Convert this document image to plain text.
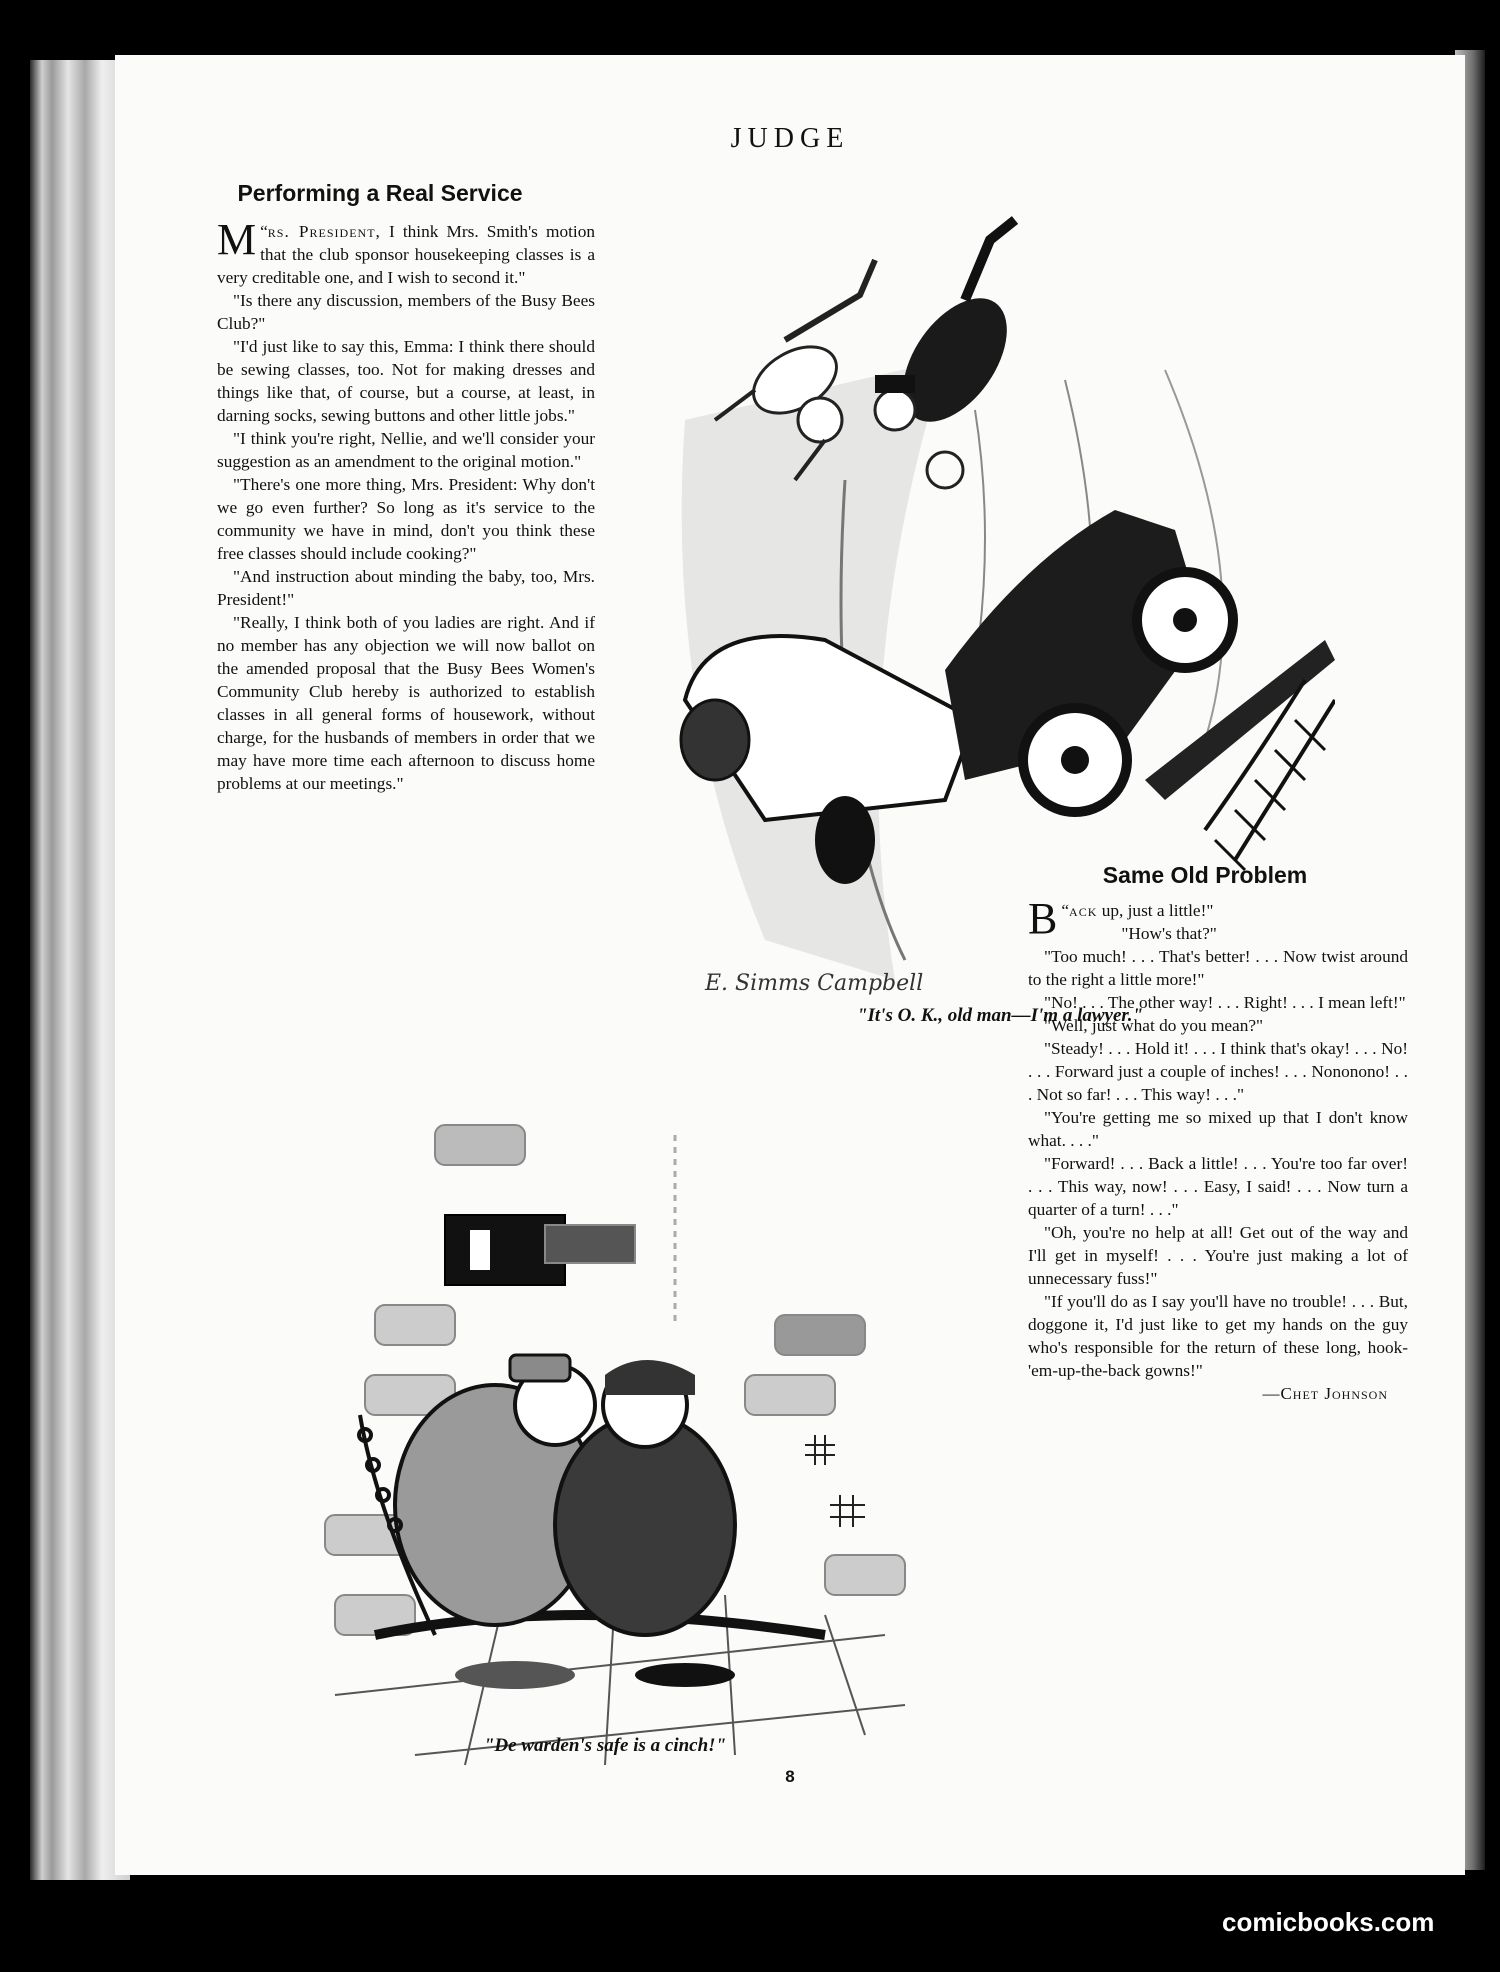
JUDGE
Performing a Real Service

“
M rs. President, I think Mrs. Smith's motion that the club sponsor housekeeping classes is a very creditable one, and I wish to second it."

"Is there any discussion, members of the Busy Bees Club?"

"I'd just like to say this, Emma: I think there should be sewing classes, too. Not for making dresses and things like that, of course, but a course, at least, in darning socks, sewing buttons and other little jobs."

"I think you're right, Nellie, and we'll consider your suggestion as an amendment to the original motion."

"There's one more thing, Mrs. President: Why don't we go even further? So long as it's service to the community we have in mind, don't you think these free classes should include cooking?"

"And instruction about minding the baby, too, Mrs. President!"

"Really, I think both of you ladies are right. And if no member has any objection we will now ballot on the amended proposal that the Busy Bees Women's Community Club hereby is authorized to establish classes in all general forms of housework, without charge, for the husbands of members in order that we may have more time each afternoon to discuss home problems at our meetings."

E. Simms Campbell

"It's O. K., old man—I'm a lawyer."

"De warden's safe is a cinch!"

Same Old Problem

“
B ack up, just a little!"

"How's that?"

"Too much! . . . That's better! . . . Now twist around to the right a little more!"

"No! . . . The other way! . . . Right! . . . I mean left!"

"Well, just what do you mean?"

"Steady! . . . Hold it! . . . I think that's okay! . . . No! . . . Forward just a couple of inches! . . . Nononono! . . . Not so far! . . . This way! . . ."

"You're getting me so mixed up that I don't know what. . . ."

"Forward! . . . Back a little! . . . You're too far over! . . . This way, now! . . . Easy, I said! . . . Now turn a quarter of a turn! . . ."

"Oh, you're no help at all! Get out of the way and I'll get in myself! . . . You're just making a lot of unnecessary fuss!"

"If you'll do as I say you'll have no trouble! . . . But, doggone it, I'd just like to get my hands on the guy who's responsible for the return of these long, hook-'em-up-the-back gowns!"

—Chet Johnson
8
comicbooks.com
